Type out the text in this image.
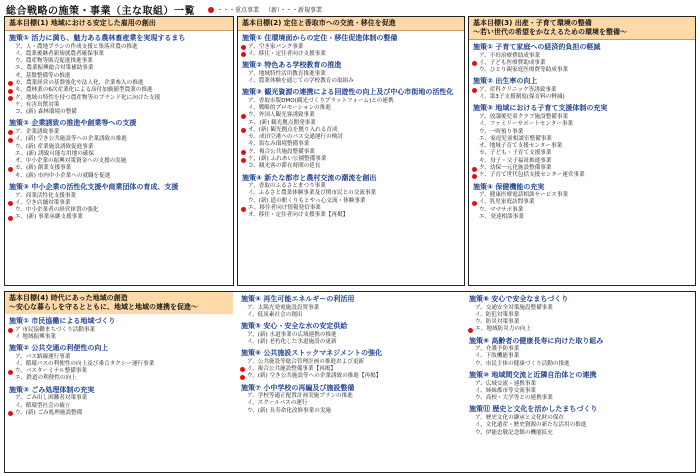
総合戦略の施策・事業（主な取組）一覧	・・・重点事業 （新）・・・新規事業
基本目標(1) 地域における安定した雇用の創出
施策① 活力に満ち、魅力ある農林畜産業を実現するまち
ア、人・農地プランの作成支援と集落営農の推進
イ、農業後継者新規就農者確保事業
ウ、農産物等販売促進推進事業
エ、農業振興総合対策補助事業
オ、基盤整備等の推進
カ、農業経営の基盤強化や法人化、企業参入の推進
キ、農林業の6次産業化による高付加価値型農業の推進
ク、地域の特性を持つ農産物等のブランド化に向けた支援
ケ、有害鳥獣対策
コ、(新) 森林環境の整備
施策② 企業誘致の推進や創業等への支援
ア、企業誘致事業
イ、(新) 空き公共施設等への企業誘致の推進
ウ、(新) 産業施設誘致促進事業
エ、(新) 誘致可能な用地の確保
オ、中小企業の振興対策資金への支援の実施
カ、(新) 創業支援事業
キ、(新) 市内中小企業への就職を促進
施策③ 中小企業の活性化支援や商業団体の育成、支援
ア、商業活性化支援事業
イ、空き店舗対策事業
ウ、中小企業者の経営体質の強化
エ、(新) 事業承継支援事業
基本目標(2) 定住と香取市への交流・移住を促進
施策① 住環境面からの定住・移住促進体制の整備
ア、空き家バンク事業
イ、移住・定住者向け支援事業
施策② 特色ある学校教育の推進
ア、地域特性活用教育推進事業
イ、農業体験を通じての学校教育の取組み
施策③ 観光資源の連携による回遊性の向上及び中心市街地の活性化
ア、香取市版DMO(観光づくりプラットフォーム)との連携
イ、戦略的プロモーションの推進
ウ、外国人観光客誘致事業
エ、(新) 観光拠点開発事業
オ、(新) 観光拠点を拠り入れる育成
カ、成田空港へのバス交通運行の検討
キ、街なみ環境整備事業
ク、複合公共施設整備事業
ケ、(新) ふれあい公園整備事業
コ、観光客の滞在時間の延長
施策④ 新たな都市と農村交流の潮流を創出
ア、香取のふるさとまつり事業
イ、ふるさと農業体験事業及び関市民との交流事業
ウ、(新) 道の駅くりもとやっ心交流・体験事業
エ、移住者向け情報発信事業
オ、移住・定住者向け支援事業【再掲】
基本目標(3) 出産・子育て環境の整備
～若い世代の希望をかなえるための環境を整備～
施策① 子育て家庭への経済的負担の軽減
ア、不妊治療費助成事業
イ、子ども医療費助成事業
ウ、ひとり親家庭医療費等助成事業
施策② 出生率の向上
ア、産科クリニック等誘致事業
イ、第3子支援制度(保育料の軽減)
施策③ 地域における子育て支援体制の充実
ア、放課後児童クラブ施設整備事業
イ、ファミリーサポートセンター事業
ウ、一時預り事業
エ、家庭児童相談室整備事業
オ、地域子育て支援センター事業
カ、子ども・子育て支援事業
キ、母子・父子福祉推進事業
ク、幼保一元化施設整備事業
ケ、子育て世代包括支援センター運営事業
施策④ 保健機能の充実
ア、健康医療電話相談サービス事業
イ、乳児家庭訪問事業
ウ、ママサポ事業
エ、発達相談事業
基本目標(4) 時代にあった地域の創造
～安心な暮らしを守るとともに、地域と地域の連携を促進～
施策① 市民協働による地域づくり
ア 市民協働まちづくり活動事業
イ 地域振興事業
施策② 公共交通の利便性の向上
ア、バス路線運行事業
イ、循環バスの利便性の向上及び乗合タクシー運行事業
ウ、バスターミナル整備事業
エ、鉄道の利便性の向上
施策③ ごみ処理体制の充実
ア、ごみ出し困難者対策事業
イ、循環型社会の確立
ウ、(新) ごみ処理施設整備
施策④ 再生可能エネルギーの利活用
ア、太陽光発電施設設置事業
イ、低炭素社会の創出
施策⑤ 安心・安全な水の安定供給
ア、(新) 水道事業の広域連携の推進
イ、(新) 老朽化した水道施設の更新
施策⑥ 公共施設ストックマネジメントの強化
ア、公共施設等総合管理計画の推進および更新
イ、複合公共施設整備事業【再掲】
ウ、(新) 空き公共施設等への企業誘致の推進【再掲】
施策⑦ 小中学校の再編及び施設整備
ア、学校等適正配置計画実施プランの推進
イ、スクールバスの運行
ウ、(新) 長寿命化改修事業の実施
施策⑧ 安心で安全なまちづくり
ア、交通安全対策施設整備事業
イ、防犯対策事業
ウ、防災対策事業
エ、地域防災力の向上
施策⑨ 高齢者の健康長寿に向けた取り組み
ア、介護予防事業
イ、下肢機能事業
ウ、市民主体の健康づくり活動の推進
施策⑩ 地域間交流と近隣自治体との連携
ア、広域交流・連携事業
イ、姉妹都市等交流事業
ウ、高校・大学等との連携事業
施策⑪ 歴史と文化を活かしたまちづくり
ア、歴史文化の継承と文化財の保存
イ、文化遺産・歴史資源の新たな活用の推進
ウ、伊能忠敬記念館の機能拡充
